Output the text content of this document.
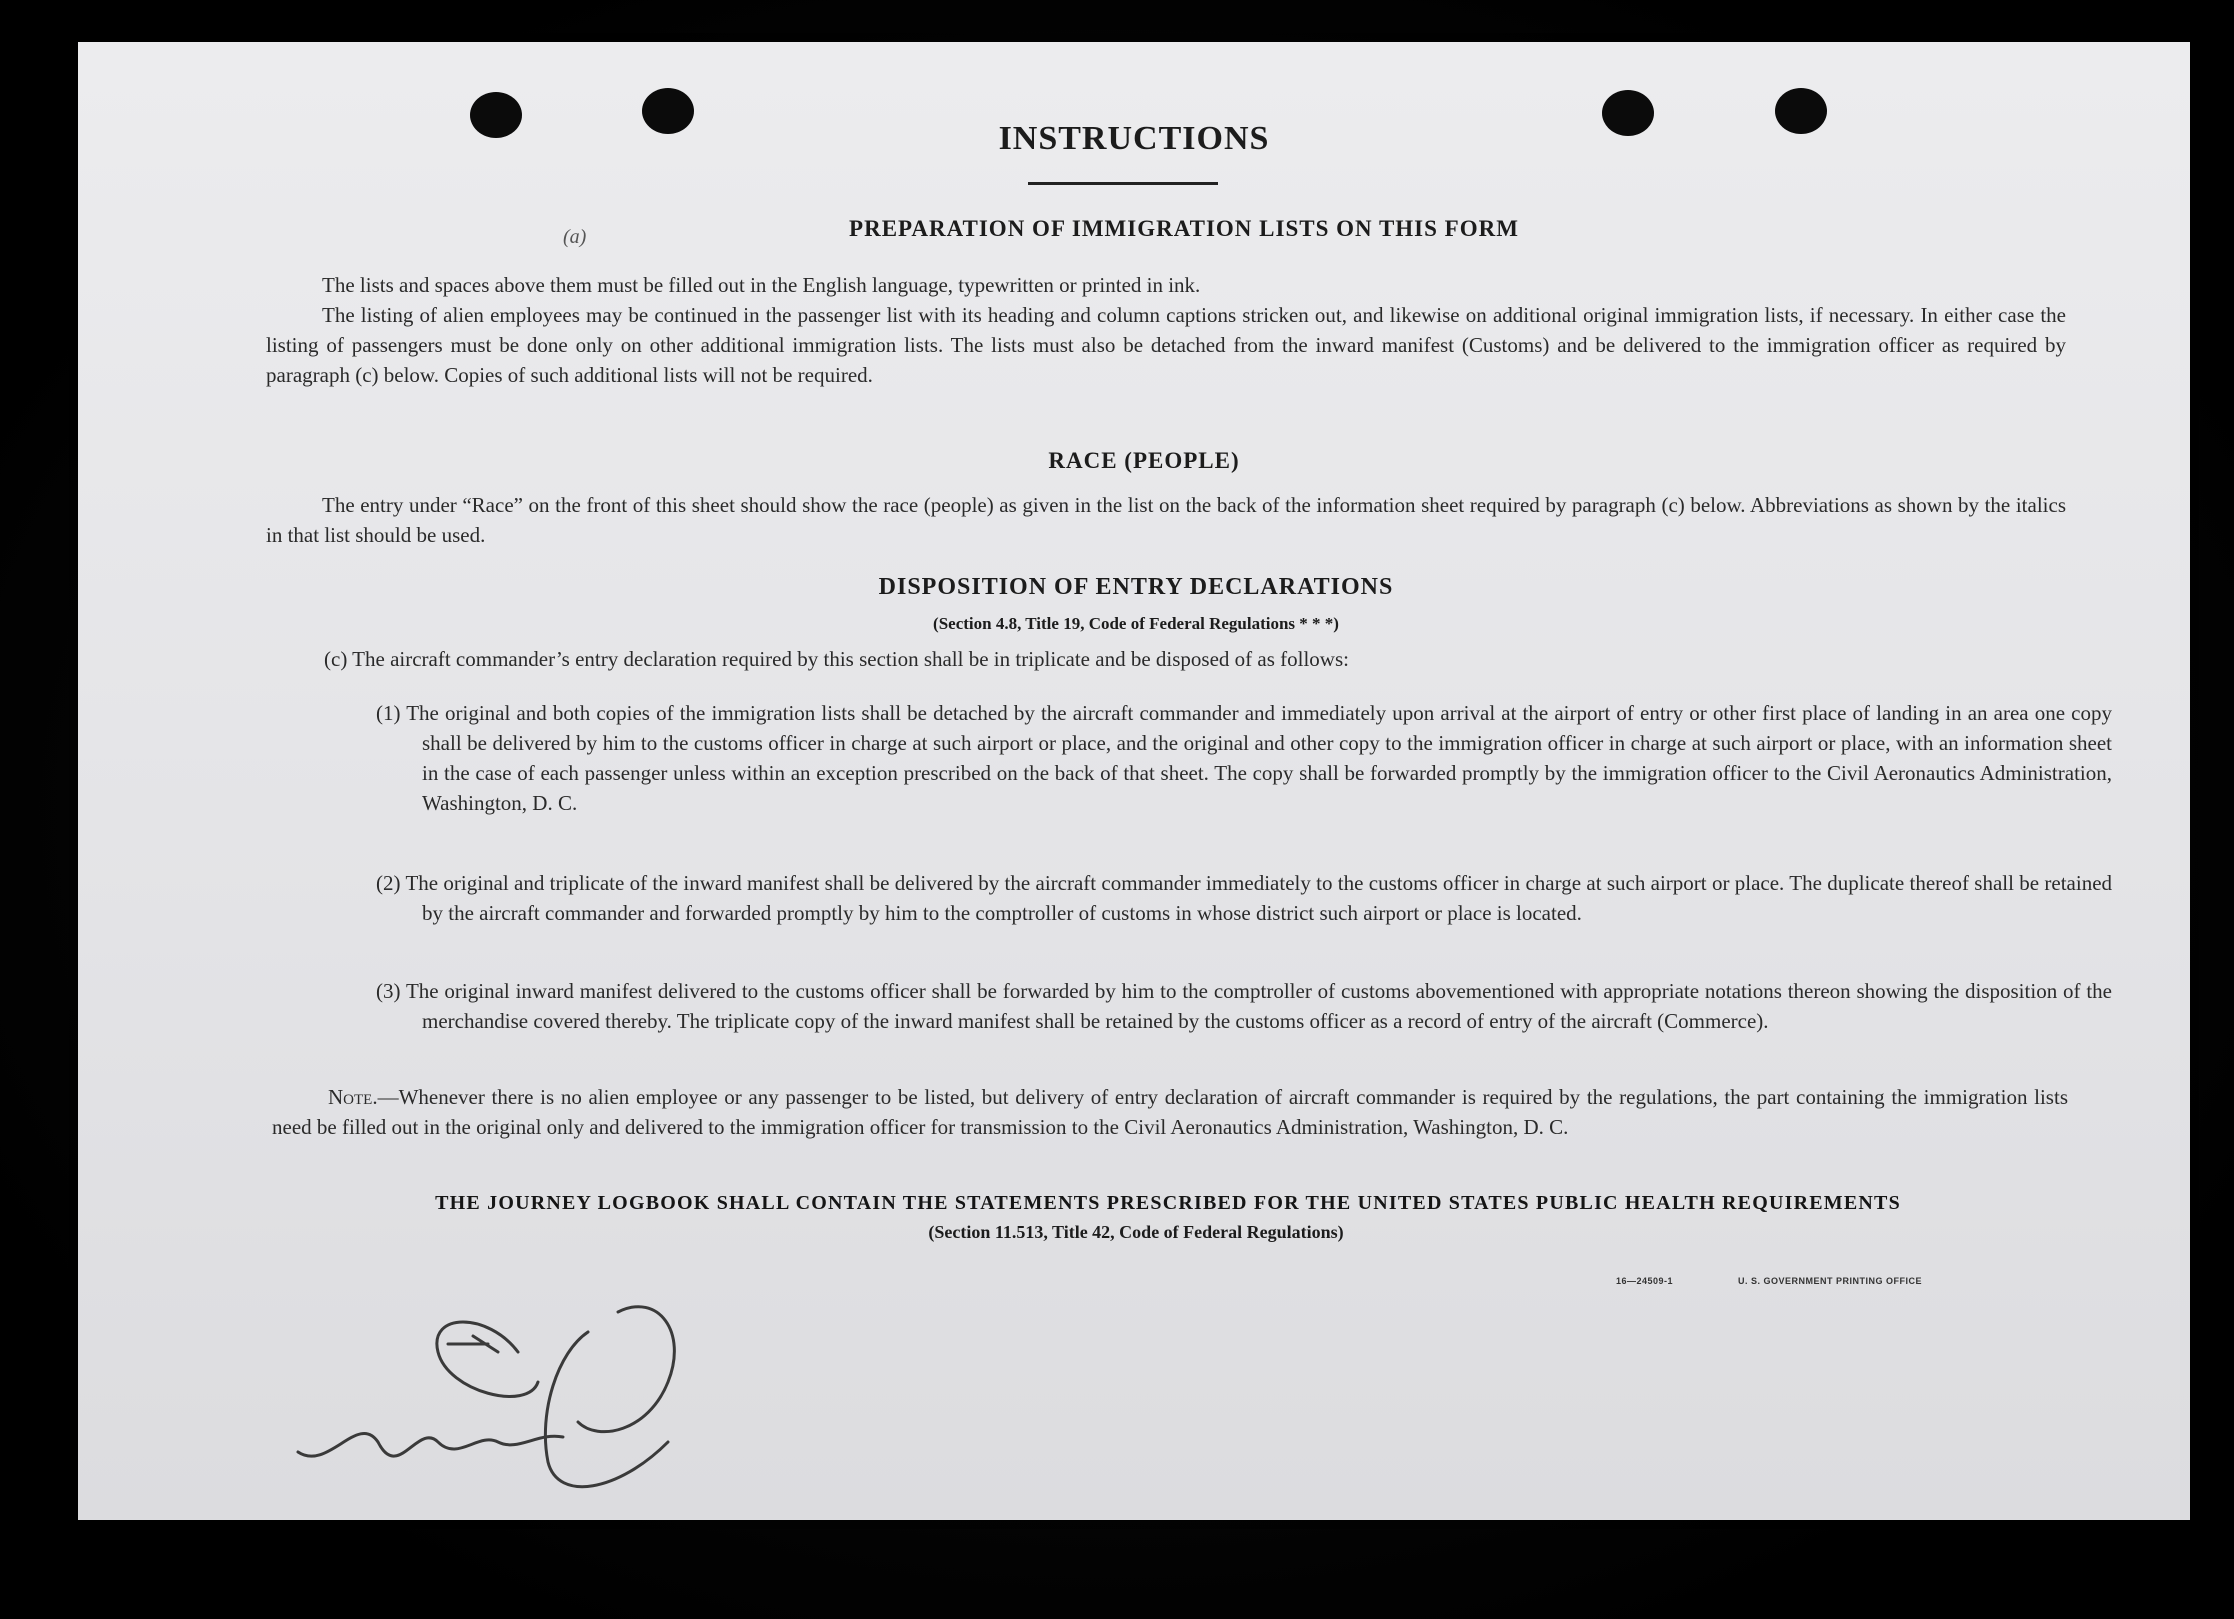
INSTRUCTIONS
(a)	PREPARATION OF IMMIGRATION LISTS ON THIS FORM
The lists and spaces above them must be filled out in the English language, typewritten or printed in ink.
The listing of alien employees may be continued in the passenger list with its heading and column captions stricken out, and likewise on additional original immigration lists, if necessary. In either case the listing of passengers must be done only on other additional immigration lists. The lists must also be detached from the inward manifest (Customs) and be delivered to the immigration officer as required by paragraph (c) below. Copies of such additional lists will not be required.
RACE (PEOPLE)
The entry under “Race” on the front of this sheet should show the race (people) as given in the list on the back of the information sheet required by paragraph (c) below. Abbreviations as shown by the italics in that list should be used.
DISPOSITION OF ENTRY DECLARATIONS
(Section 4.8, Title 19, Code of Federal Regulations * * *)
(c) The aircraft commander’s entry declaration required by this section shall be in triplicate and be disposed of as follows:
(1) The original and both copies of the immigration lists shall be detached by the aircraft commander and immediately upon arrival at the airport of entry or other first place of landing in an area one copy shall be delivered by him to the customs officer in charge at such airport or place, and the original and other copy to the immigration officer in charge at such airport or place, with an information sheet in the case of each passenger unless within an exception prescribed on the back of that sheet. The copy shall be forwarded promptly by the immigration officer to the Civil Aeronautics Administration, Washington, D. C.
(2) The original and triplicate of the inward manifest shall be delivered by the aircraft commander immediately to the customs officer in charge at such airport or place. The duplicate thereof shall be retained by the aircraft commander and forwarded promptly by him to the comptroller of customs in whose district such airport or place is located.
(3) The original inward manifest delivered to the customs officer shall be forwarded by him to the comptroller of customs abovementioned with appropriate notations thereon showing the disposition of the merchandise covered thereby. The triplicate copy of the inward manifest shall be retained by the customs officer as a record of entry of the aircraft (Commerce).
Note.—Whenever there is no alien employee or any passenger to be listed, but delivery of entry declaration of aircraft commander is required by the regulations, the part containing the immigration lists need be filled out in the original only and delivered to the immigration officer for transmission to the Civil Aeronautics Administration, Washington, D. C.
THE JOURNEY LOGBOOK SHALL CONTAIN THE STATEMENTS PRESCRIBED FOR THE UNITED STATES PUBLIC HEALTH REQUIREMENTS
(Section 11.513, Title 42, Code of Federal Regulations)
16—24509-1	U. S. GOVERNMENT PRINTING OFFICE
